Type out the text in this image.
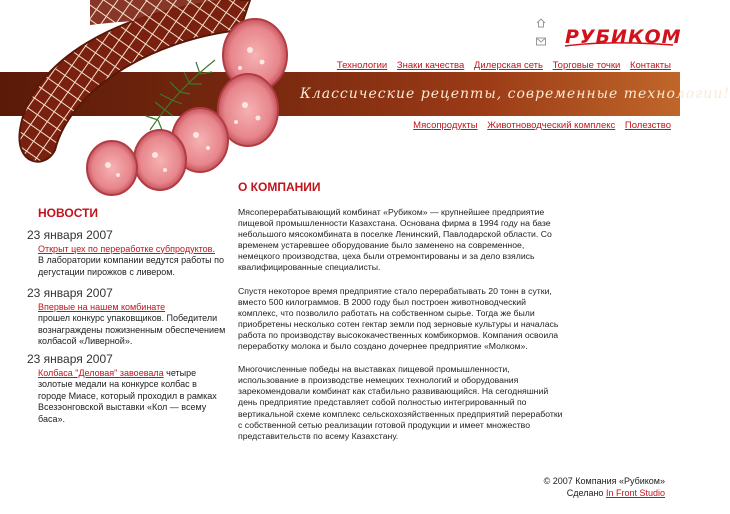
Классические рецепты, современные технологии!
РУБИКОМ
Технологии Знаки качества Дилерская сеть Торговые точки Контакты
Мясопродукты Животноводческий комплекс Полезство
НОВОСТИ
23 января 2007
Открыт цех по переработке субпродуктов.
В лаборатории компании ведутся работы по дегустации пирожков с ливером.
23 января 2007
Впервые на нашем комбинате
прошел конкурс упаковщиков. Победители вознаграждены пожизненным обеспечением колбасой «Ливерной».
23 января 2007
Колбаса "Деловая" завоевала четыре золотые медали на конкурсе колбас в городе Миасе, который проходил в рамках Всезэонговской выставки «Кол — всему баса».
О КОМПАНИИ

Мясоперерабатывающий комбинат «Рубиком» — крупнейшее предприятие пищевой промышленности Казахстана. Основана фирма в 1994 году на базе небольшого мясокомбината в поселке Ленинский, Павлодарской области. Со временем устаревшее оборудование было заменено на современное, немецкого производства, цеха были отремонтированы и за дело взялись квалифицированные специалисты.

Спустя некоторое время предприятие стало перерабатывать 20 тонн в сутки, вместо 500 килограммов. В 2000 году был построен животноводческий комплекс, что позволило работать на собственном сырье. Тогда же были приобретены несколько сотен гектар земли под зерновые культуры и началась работа по производству высококачественных комбикормов. Компания освоила переработку молока и было создано дочернее предприятие «Молком».

Многочисленные победы на выставках пищевой промышленности, использование в производстве немецких технологий и оборудования зарекомендовали комбинат как стабильно развивающийся. На сегодняшний день предприятие представляет собой полностью интегрированный по вертикальной схеме комплекс сельскохозяйственных предприятий переработки с собственной сетью реализации готовой продукции и имеет множество представительств по всему Казахстану.

© 2007 Компания «Рубиком»
Сделано In Front Studio
